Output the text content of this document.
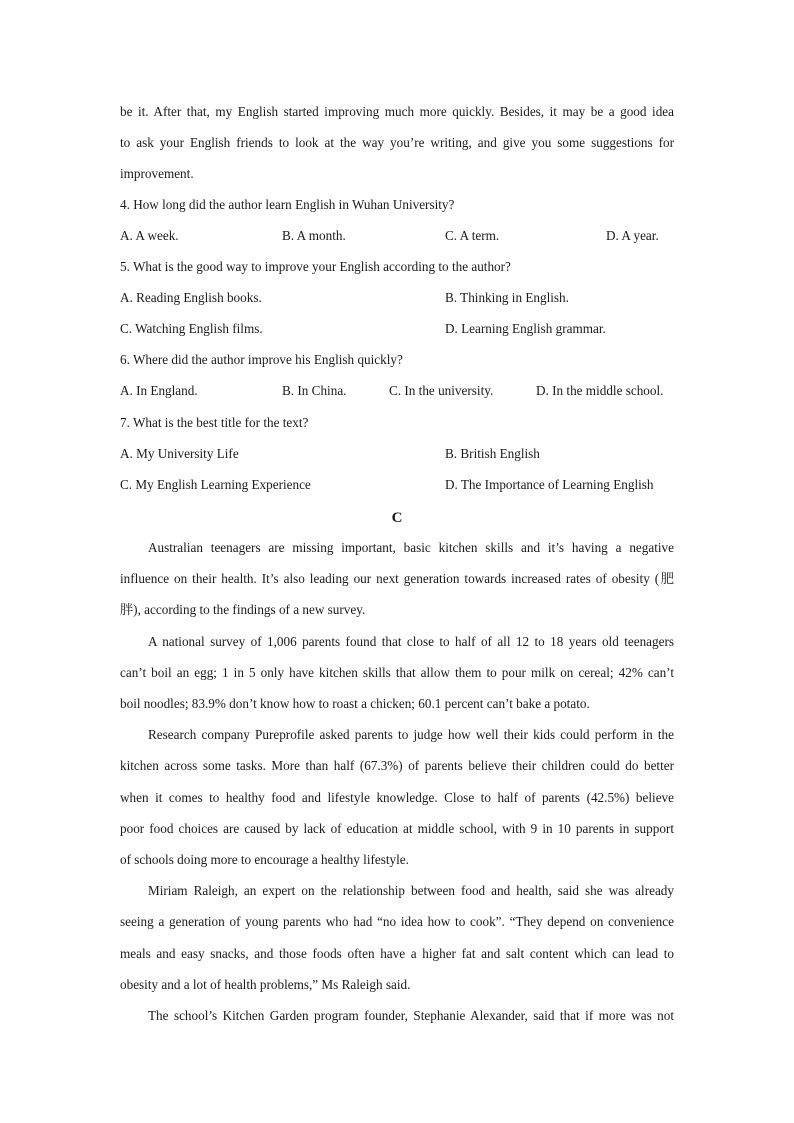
be it. After that, my English started improving much more quickly. Besides, it may be a good idea
to ask your English friends to look at the way you’re writing, and give you some suggestions for
improvement.
4. How long did the author learn English in Wuhan University?
A. A week.	B. A month.	C. A term.	D. A year.
5. What is the good way to improve your English according to the author?
A. Reading English books.	B. Thinking in English.
C. Watching English films.	D. Learning English grammar.
6. Where did the author improve his English quickly?
A. In England.	B. In China.	C. In the university.	D. In the middle school.
7. What is the best title for the text?
A. My University Life	B. British English
C. My English Learning Experience	D. The Importance of Learning English
C
Australian teenagers are missing important, basic kitchen skills and it’s having a negative
influence on their health. It’s also leading our next generation towards increased rates of obesity (肥
胖), according to the findings of a new survey.
A national survey of 1,006 parents found that close to half of all 12 to 18 years old teenagers
can’t boil an egg; 1 in 5 only have kitchen skills that allow them to pour milk on cereal; 42% can’t
boil noodles; 83.9% don’t know how to roast a chicken; 60.1 percent can’t bake a potato.
Research company Pureprofile asked parents to judge how well their kids could perform in the
kitchen across some tasks. More than half (67.3%) of parents believe their children could do better
when it comes to healthy food and lifestyle knowledge. Close to half of parents (42.5%) believe
poor food choices are caused by lack of education at middle school, with 9 in 10 parents in support
of schools doing more to encourage a healthy lifestyle.
Miriam Raleigh, an expert on the relationship between food and health, said she was already
seeing a generation of young parents who had “no idea how to cook”. “They depend on convenience
meals and easy snacks, and those foods often have a higher fat and salt content which can lead to
obesity and a lot of health problems,” Ms Raleigh said.
The school’s Kitchen Garden program founder, Stephanie Alexander, said that if more was not
